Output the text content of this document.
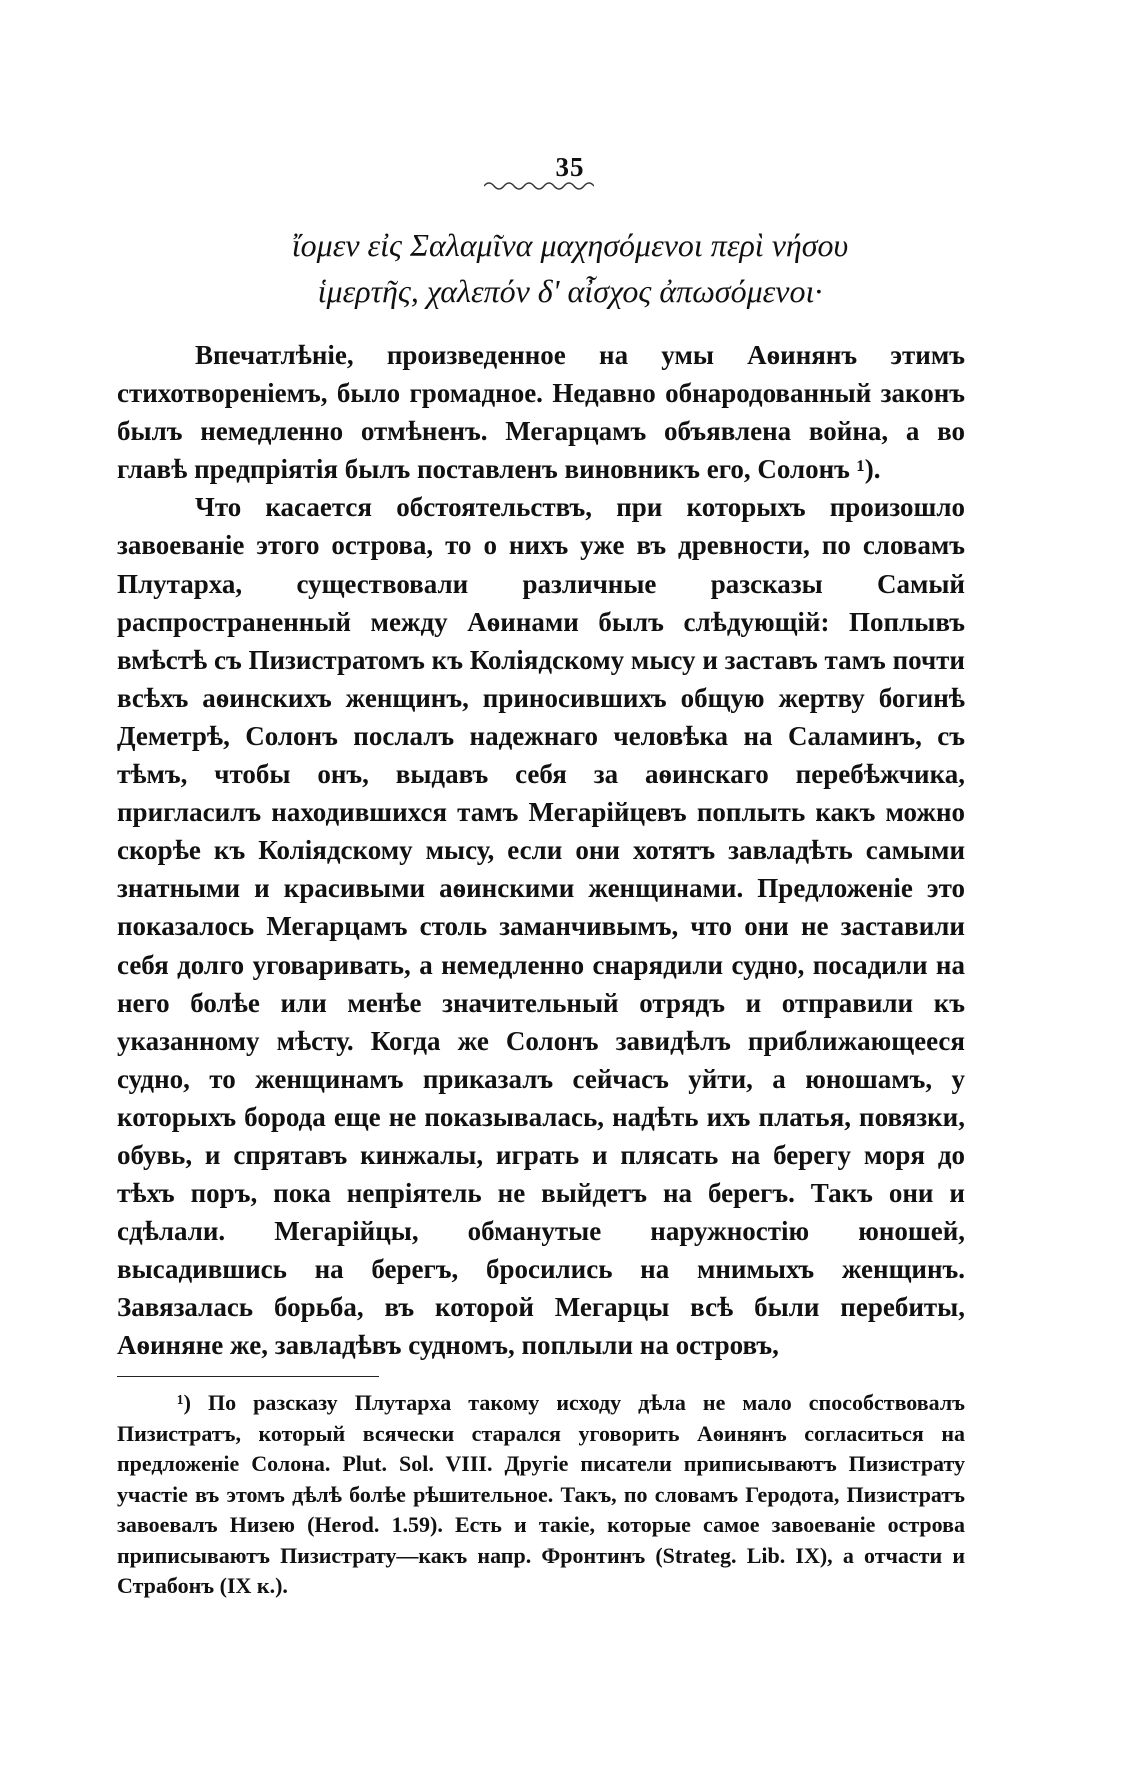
35
ἴομεν εἰς Σαλαμῖνα μαχησόμενοι περὶ νήσου
ἱμερτῆς, χαλεπόν δ' αἶσχος ἀπωσόμενοι·

Впечатлѣніе, произведенное на умы Аѳинянъ этимъ стихотвореніемъ, было громадное. Недавно обнародованный законъ былъ немедленно отмѣненъ. Мегарцамъ объявлена война, а во главѣ предпріятія былъ поставленъ виновникъ его, Солонъ ¹).

Что касается обстоятельствъ, при которыхъ произошло завоеваніе этого острова, то о нихъ уже въ древности, по словамъ Плутарха, существовали различные разсказы Самый распространенный между Аѳинами былъ слѣдующій: Поплывъ вмѣстѣ съ Пизистратомъ къ Коліядскому мысу и заставъ тамъ почти всѣхъ аѳинскихъ женщинъ, приносившихъ общую жертву богинѣ Деметрѣ, Солонъ послалъ надежнаго человѣка на Саламинъ, съ тѣмъ, чтобы онъ, выдавъ себя за аѳинскаго перебѣжчика, пригласилъ находившихся тамъ Мегарійцевъ поплыть какъ можно скорѣе къ Коліядскому мысу, если они хотятъ завладѣть самыми знатными и красивыми аѳинскими женщинами. Предложеніе это показалось Мегарцамъ столь заманчивымъ, что они не заставили себя долго уговаривать, а немедленно снарядили судно, посадили на него болѣе или менѣе значительный отрядъ и отправили къ указанному мѣсту. Когда же Солонъ завидѣлъ приближающееся судно, то женщинамъ приказалъ сейчасъ уйти, а юношамъ, у которыхъ борода еще не показывалась, надѣть ихъ платья, повязки, обувь, и спрятавъ кинжалы, играть и плясать на берегу моря до тѣхъ поръ, пока непріятель не выйдетъ на берегъ. Такъ они и сдѣлали. Мегарійцы, обманутые наружностію юношей, высадившись на берегъ, бросились на мнимыхъ женщинъ. Завязалась борьба, въ которой Мегарцы всѣ были перебиты, Аѳиняне же, завладѣвъ судномъ, поплыли на островъ,

¹) По разсказу Плутарха такому исходу дѣла не мало способствовалъ Пизистратъ, который всячески старался уговорить Аѳинянъ согласиться на предложеніе Солона. Plut. Sol. VIII. Другіе писатели приписываютъ Пизистрату участіе въ этомъ дѣлѣ болѣе рѣшительное. Такъ, по словамъ Геродота, Пизистратъ завоевалъ Низею (Herod. 1.59). Есть и такіе, которые самое завоеваніе острова приписываютъ Пизистрату—какъ напр. Фронтинъ (Strateg. Lib. IX), а отчасти и Страбонъ (IX к.).
